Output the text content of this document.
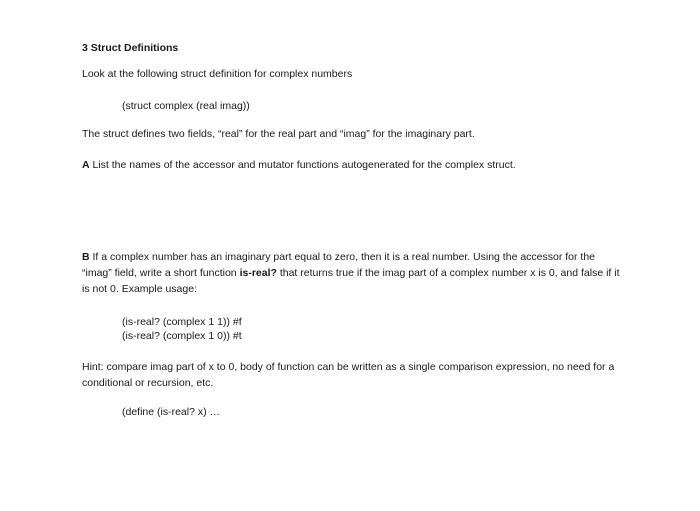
3 Struct Definitions
Look at the following struct definition for complex numbers
(struct complex (real imag))
The struct defines two fields, “real” for the real part and “imag” for the imaginary part.
A List the names of the accessor and mutator functions autogenerated for the complex struct.
B If a complex number has an imaginary part equal to zero, then it is a real number. Using the accessor for the “imag” field, write a short function is-real? that returns true if the imag part of a complex number x is 0, and false if it is not 0. Example usage:
(is-real? (complex 1 1)) #f
(is-real? (complex 1 0)) #t
Hint: compare imag part of x to 0, body of function can be written as a single comparison expression, no need for a conditional or recursion, etc.
(define (is-real? x) …
